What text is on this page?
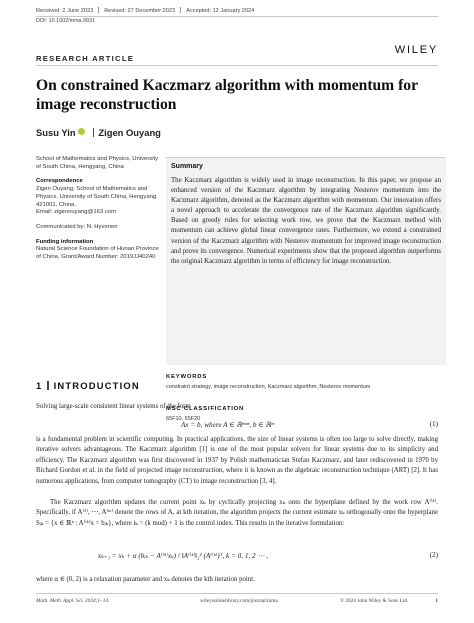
Received: 2 June 2023 Revised: 27 December 2023 Accepted: 12 January 2024
DOI: 10.1002/mma.9931
RESEARCH ARTICLE
WILEY
On constrained Kaczmarz algorithm with momentum for image reconstruction
Susu Yin Zigen Ouyang
School of Mathematics and Physics, University of South China, Hengyang, China
Correspondence
Zigen Ouyang, School of Mathematics and Physics, University of South China, Hengyang 421001, China.
Email: zigenouyang@163.com
Communicated by: N. Hyvonen
Funding information
Natural Science Foundation of Hunan Province of China, Grant/Award Number: 2019JJ40240
Summary
The Kaczmarz algorithm is widely used in image reconstruction. In this paper, we propose an enhanced version of the Kaczmarz algorithm by integrating Nesterov momentum into the Kaczmarz algorithm, denoted as the Kaczmarz algorithm with momentum. Our innovation offers a novel approach to accelerate the convergence rate of the Kaczmarz algorithm significantly. Based on greedy rules for selecting work row, we prove that the Kaczmarz method with momentum can achieve global linear convergence rates. Furthermore, we extend a constrained version of the Kaczmarz algorithm with Nesterov momentum for improved image reconstruction and prove its convergence. Numerical experiments show that the proposed algorithm outperforms the original Kaczmarz algorithm in terms of efficiency for image reconstruction.
KEYWORDS
constraint strategy, image reconstruction, Kaczmarz algorithm, Nesterov momentum
MSC CLASSIFICATION
65F10, 65F20
1 INTRODUCTION
Solving large-scale consistent linear systems of the form
Ax = b, where A ∈ ℝᵐˣⁿ, b ∈ ℝᵐ	(1)
is a fundamental problem in scientific computing. In practical applications, the size of linear systems is often too large to solve directly, making iterative solvers advantageous. The Kaczmarz algorithm [1] is one of the most popular solvers for linear systems due to its simplicity and efficiency. The Kaczmarz algorithm was first discovered in 1937 by Polish mathematician Stefan Kaczmarz, and later rediscovered in 1970 by Richard Gordon et al. in the field of projected image reconstruction, where it is known as the algebraic reconstruction technique (ART) [2]. It has numerous applications, from computer tomography (CT) to image reconstruction [3, 4].
The Kaczmarz algorithm updates the current point xₖ by cyclically projecting xₖ onto the hyperplane defined by the work row A⁽ⁱᵏ⁾. Specifically, if A⁽¹⁾, ⋯, A⁽ᵐ⁾ denote the rows of A, at kth iteration, the algorithm projects the current estimate xₖ orthogonally onto the hyperplane Sᵢₖ = {x ∈ ℝⁿ : A⁽ⁱᵏ⁾x = bᵢₖ}, where iₖ = (k mod) + 1 is the control index. This results in the iterative formulation:
xₖ₊₁ = xₖ + α (bᵢₖ − A⁽ⁱᵏ⁾xₖ) / ‖A⁽ⁱᵏ⁾‖₂² (A⁽ⁱᵏ⁾)ᵀ, k = 0, 1, 2 ⋯ ,	(2)
where α ∈ (0, 2) is a relaxation parameter and xₖ denotes the kth iteration point.
Math. Meth. Appl. Sci. 2024;1–14.	wileyonlinelibrary.com/journal/mma	© 2024 John Wiley & Sons Ltd.	1
